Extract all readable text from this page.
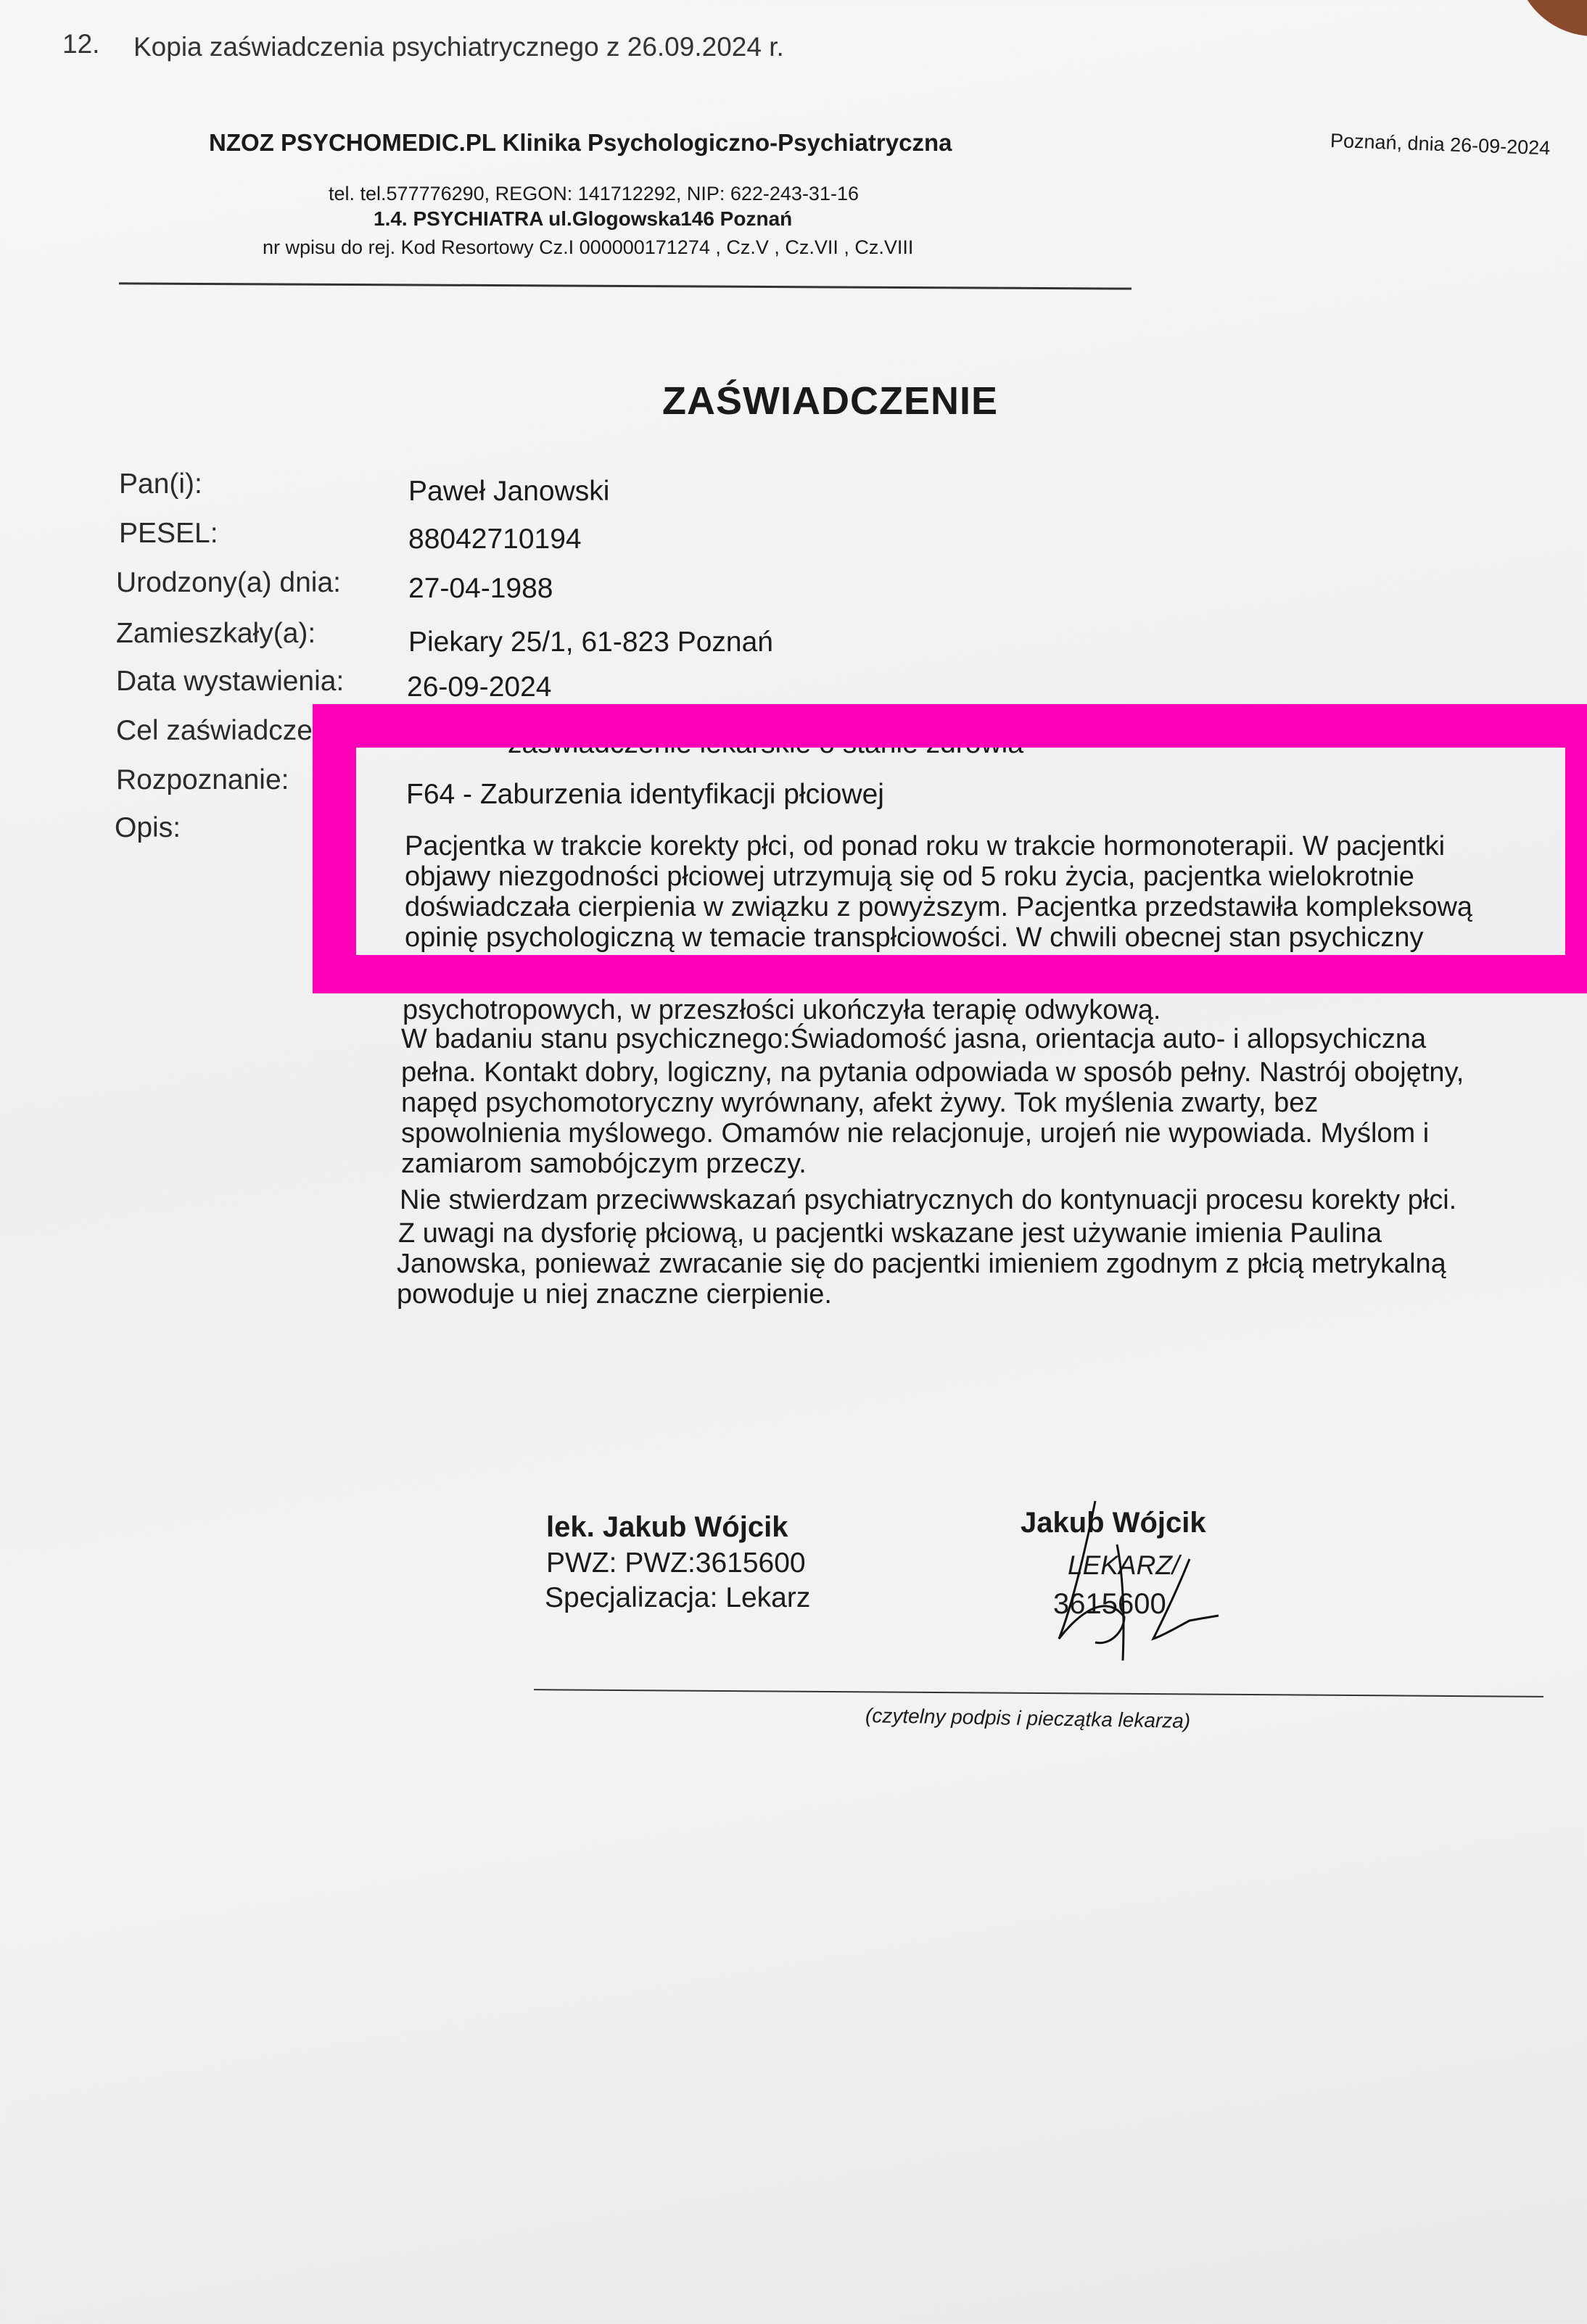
12. Kopia zaświadczenia psychiatrycznego z 26.09.2024 r.
NZOZ PSYCHOMEDIC.PL Klinika Psychologiczno-Psychiatryczna	Poznań, dnia 26-09-2024
tel. tel.577776290, REGON: 141712292, NIP: 622-243-31-16
1.4. PSYCHIATRA ul.Glogowska146 Poznań
nr wpisu do rej. Kod Resortowy Cz.I 000000171274 , Cz.V , Cz.VII , Cz.VIII
ZAŚWIADCZENIE
Pan(i):	Paweł Janowski
PESEL:	88042710194
Urodzony(a) dnia: 27-04-1988
Zamieszkały(a):	Piekary 25/1, 61-823 Poznań
Data wystawienia: 26-09-2024
Cel zaświadczenia:	zaświadczenie lekarskie o stanie zdrowia
Rozpoznanie:	F64 - Zaburzenia identyfikacji płciowej
Opis:
Pacjentka w trakcie korekty płci, od ponad roku w trakcie hormonoterapii. W pacjentki
objawy niezgodności płciowej utrzymują się od 5 roku życia, pacjentka wielokrotnie
doświadczała cierpienia w związku z powyższym. Pacjentka przedstawiła kompleksową
opinię psychologiczną w temacie transpłciowości. W chwili obecnej stan psychiczny
psychotropowych, w przeszłości ukończyła terapię odwykową.
W badaniu stanu psychicznego:Świadomość jasna, orientacja auto- i allopsychiczna
pełna. Kontakt dobry, logiczny, na pytania odpowiada w sposób pełny. Nastrój obojętny,
napęd psychomotoryczny wyrównany, afekt żywy. Tok myślenia zwarty, bez
spowolnienia myślowego. Omamów nie relacjonuje, urojeń nie wypowiada. Myślom i
zamiarom samobójczym przeczy.
Nie stwierdzam przeciwwskazań psychiatrycznych do kontynuacji procesu korekty płci.
Z uwagi na dysforię płciową, u pacjentki wskazane jest używanie imienia Paulina
Janowska, ponieważ zwracanie się do pacjentki imieniem zgodnym z płcią metrykalną
powoduje u niej znaczne cierpienie.
lek. Jakub Wójcik
PWZ: PWZ:3615600
Specjalizacja: Lekarz
Jakub Wójcik
LEKARZ/
3615600
(czytelny podpis i pieczątka lekarza)
